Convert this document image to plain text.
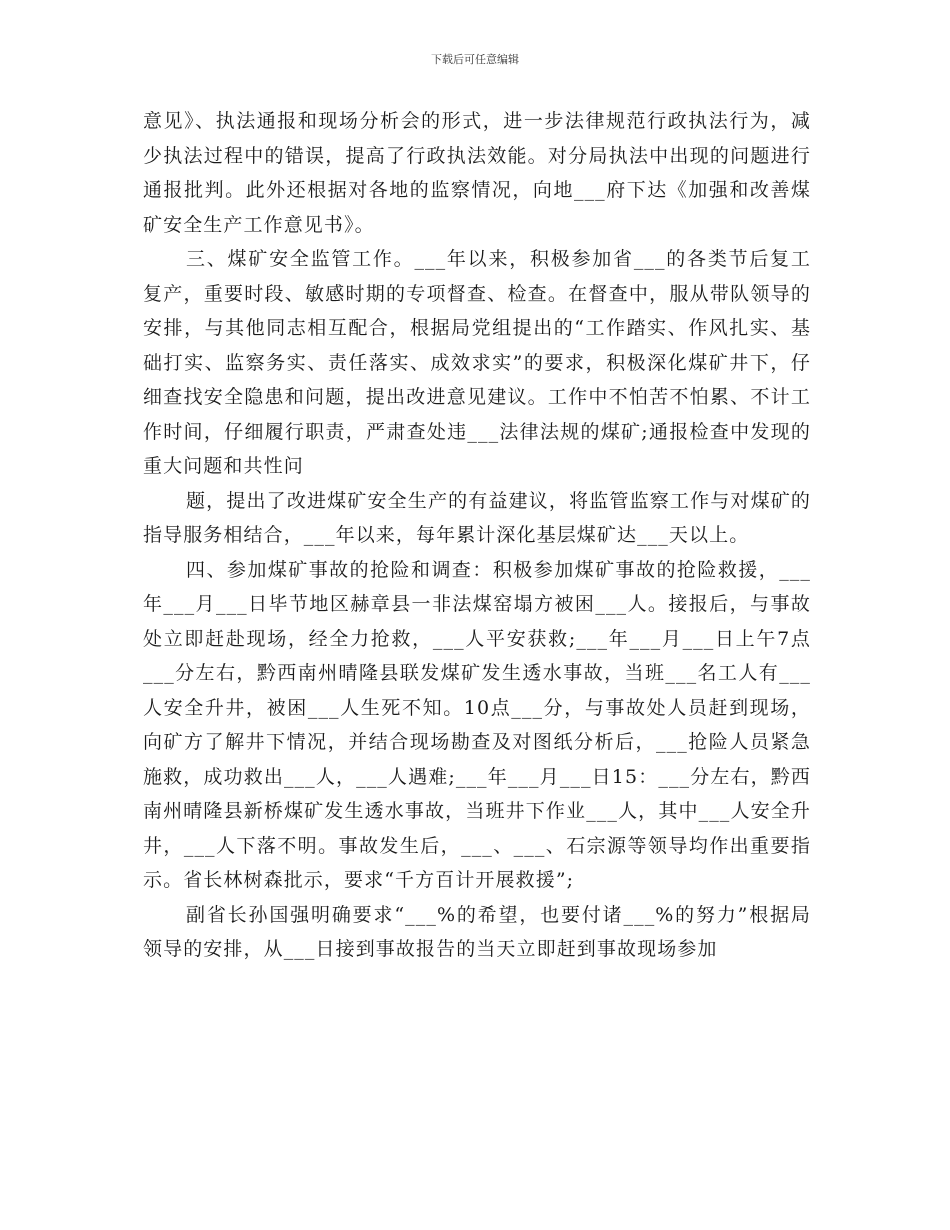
下载后可任意编辑

意见》、执法通报和现场分析会的形式，进一步法律规范行政执法行为，减少执法过程中的错误，提高了行政执法效能。对分局执法中出现的问题进行通报批判。此外还根据对各地的监察情况，向地___府下达《加强和改善煤矿安全生产工作意见书》。

三、煤矿安全监管工作。___年以来，积极参加省___的各类节后复工复产，重要时段、敏感时期的专项督查、检查。在督查中，服从带队领导的安排，与其他同志相互配合，根据局党组提出的“工作踏实、作风扎实、基础打实、监察务实、责任落实、成效求实”的要求，积极深化煤矿井下，仔细查找安全隐患和问题，提出改进意见建议。工作中不怕苦不怕累、不计工作时间，仔细履行职责，严肃查处违___法律法规的煤矿;通报检查中发现的重大问题和共性问

题，提出了改进煤矿安全生产的有益建议，将监管监察工作与对煤矿的指导服务相结合，___年以来，每年累计深化基层煤矿达___天以上。

四、参加煤矿事故的抢险和调查：积极参加煤矿事故的抢险救援，___年___月___日毕节地区赫章县一非法煤窑塌方被困___人。接报后，与事故处立即赶赴现场，经全力抢救，___人平安获救;___年___月___日上午7点___分左右，黔西南州晴隆县联发煤矿发生透水事故，当班___名工人有___人安全升井，被困___人生死不知。10点___分，与事故处人员赶到现场，向矿方了解井下情况，并结合现场勘查及对图纸分析后，___抢险人员紧急施救，成功救出___人，___人遇难;___年___月___日15：___分左右，黔西南州晴隆县新桥煤矿发生透水事故，当班井下作业___人，其中___人安全升井，___人下落不明。事故发生后，___、___、石宗源等领导均作出重要指示。省长林树森批示，要求“千方百计开展救援”;

副省长孙国强明确要求“___%的希望，也要付诸___%的努力”根据局领导的安排，从___日接到事故报告的当天立即赶到事故现场参加
